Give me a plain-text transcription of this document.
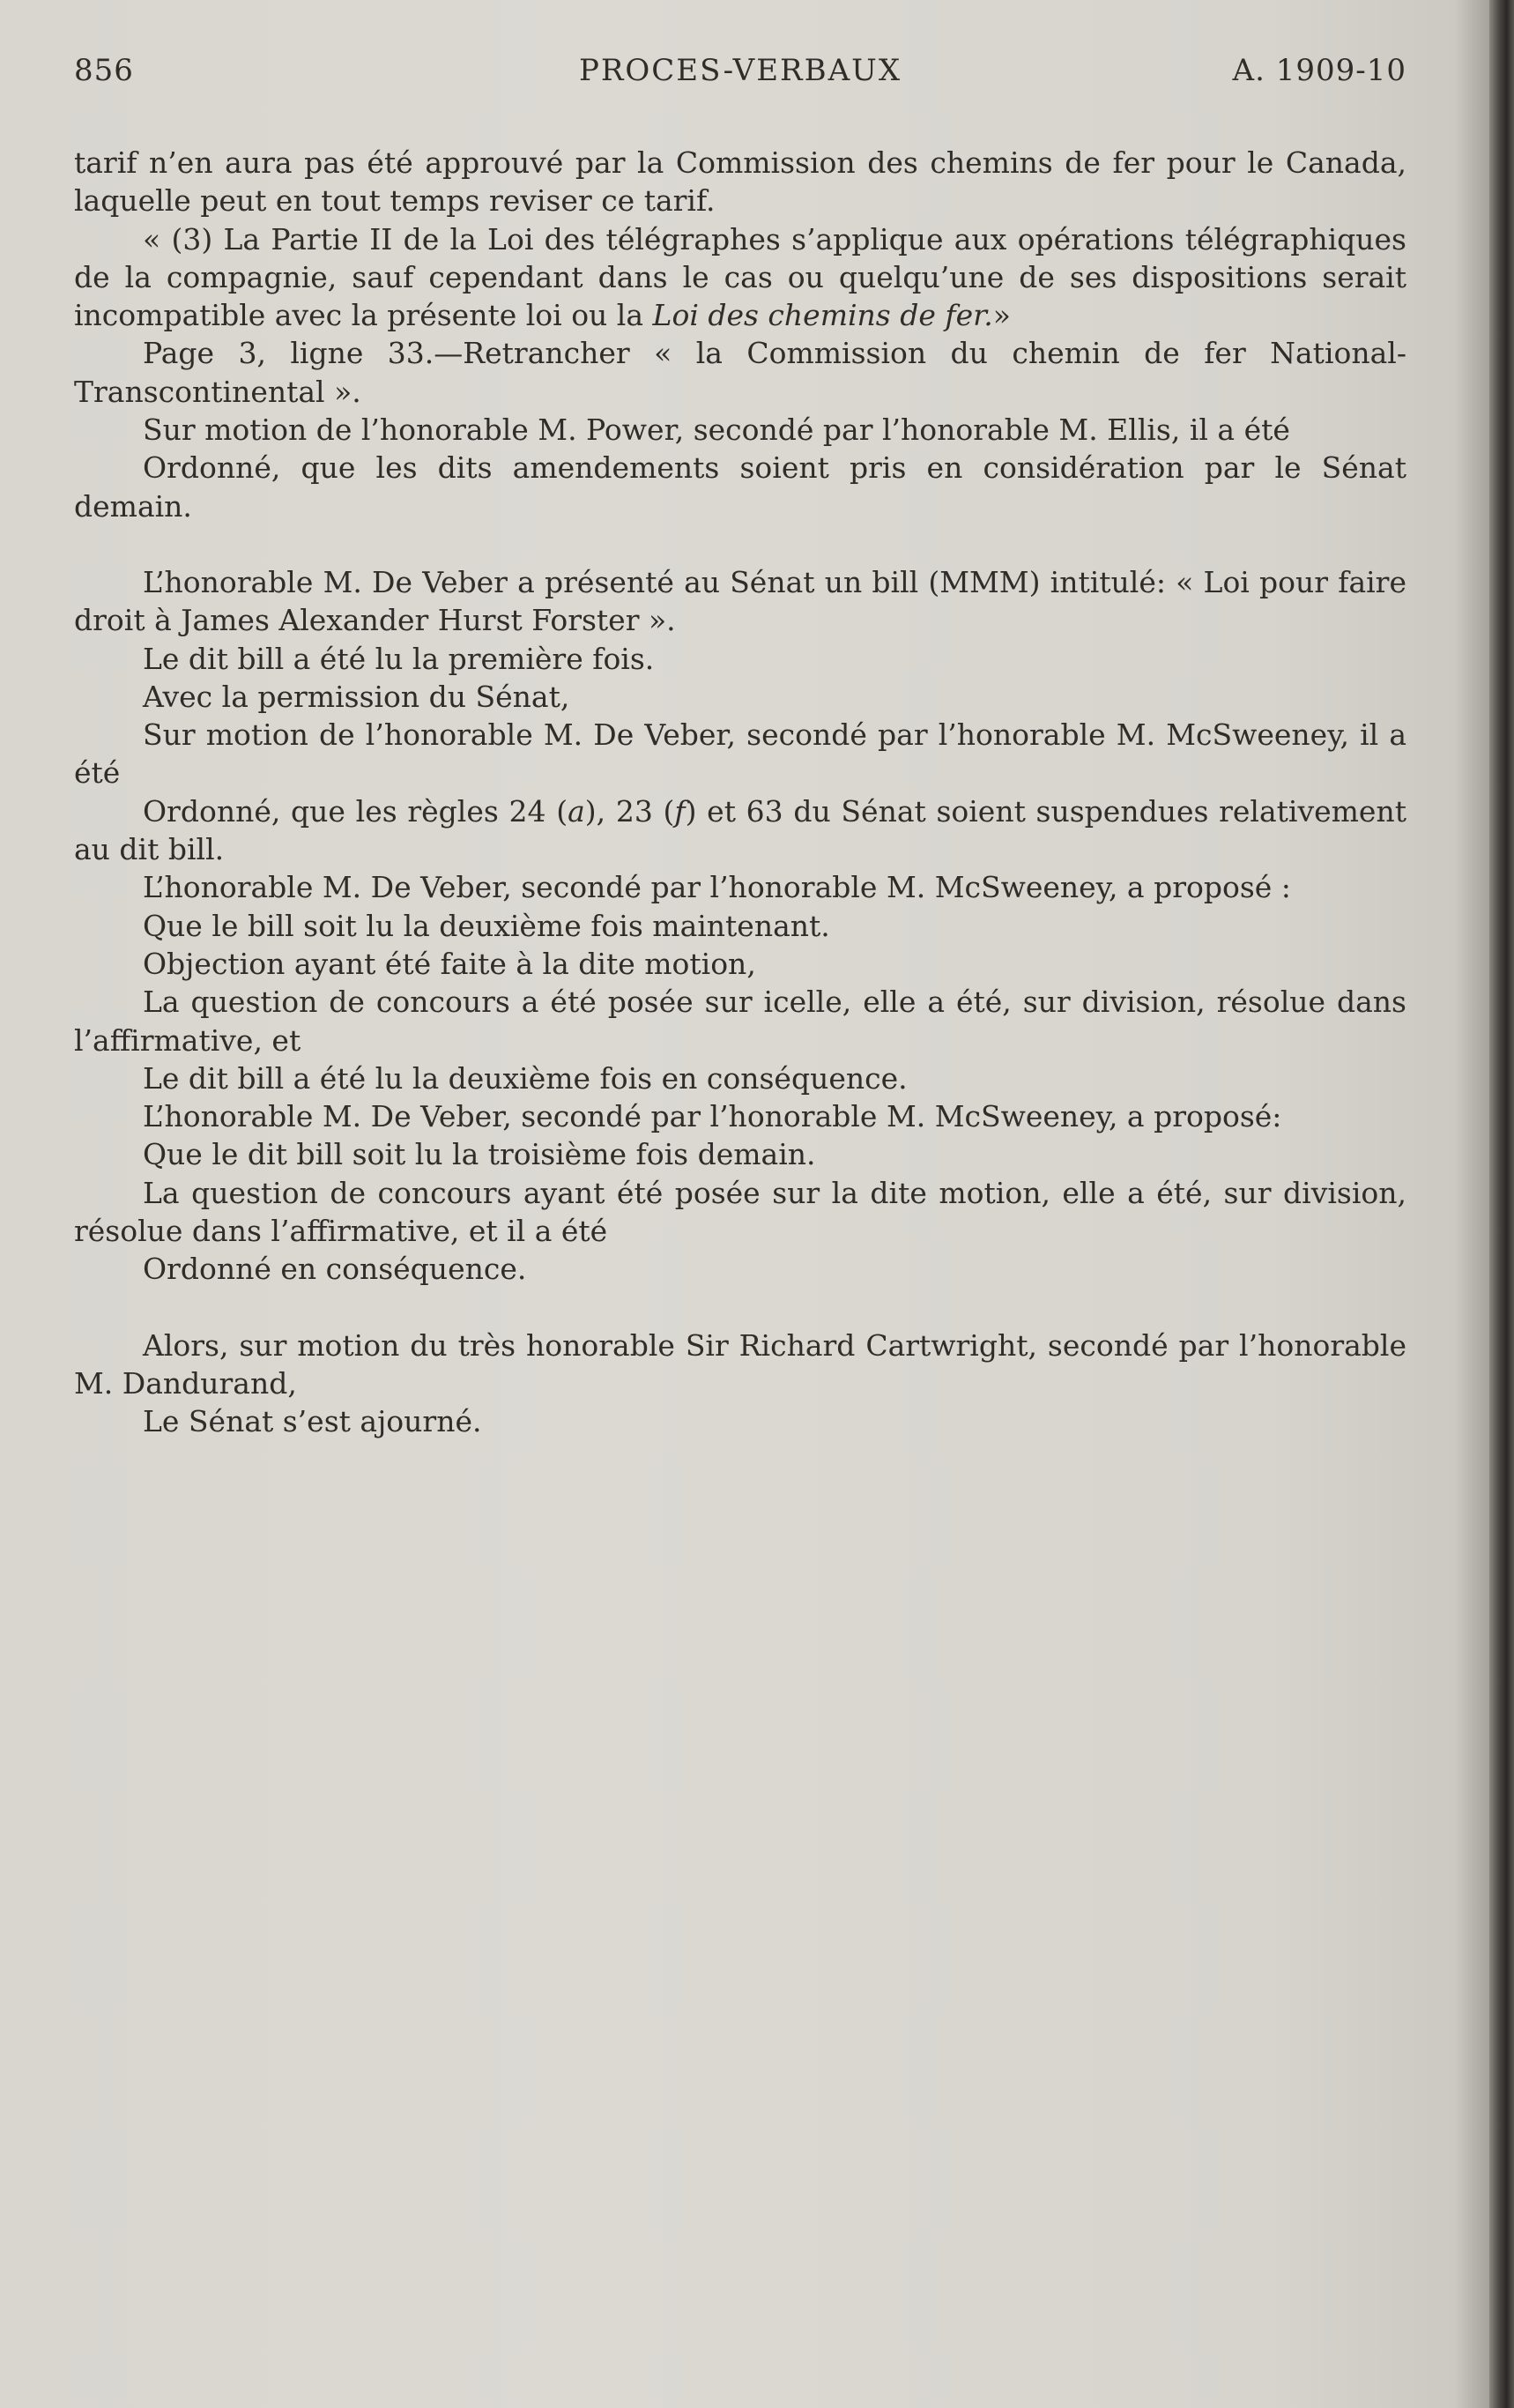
856	PROCES-VERBAUX	A. 1909-10

tarif n’en aura pas été approuvé par la Commission des chemins de fer pour le Canada, laquelle peut en tout temps reviser ce tarif.

« (3) La Partie II de la Loi des télégraphes s’applique aux opérations télégraphiques de la compagnie, sauf cependant dans le cas ou quelqu’une de ses dispositions serait incompatible avec la présente loi ou la Loi des chemins de fer.»

Page 3, ligne 33.—Retrancher « la Commission du chemin de fer National-Transcontinental ».

Sur motion de l’honorable M. Power, secondé par l’honorable M. Ellis, il a été

Ordonné, que les dits amendements soient pris en considération par le Sénat demain.

L’honorable M. De Veber a présenté au Sénat un bill (MMM) intitulé: « Loi pour faire droit à James Alexander Hurst Forster ».

Le dit bill a été lu la première fois.

Avec la permission du Sénat,

Sur motion de l’honorable M. De Veber, secondé par l’honorable M. McSweeney, il a été

Ordonné, que les règles 24 (a), 23 (f) et 63 du Sénat soient suspendues relativement au dit bill.

L’honorable M. De Veber, secondé par l’honorable M. McSweeney, a proposé :

Que le bill soit lu la deuxième fois maintenant.

Objection ayant été faite à la dite motion,

La question de concours a été posée sur icelle, elle a été, sur division, résolue dans l’affirmative, et

Le dit bill a été lu la deuxième fois en conséquence.

L’honorable M. De Veber, secondé par l’honorable M. McSweeney, a proposé:

Que le dit bill soit lu la troisième fois demain.

La question de concours ayant été posée sur la dite motion, elle a été, sur division, résolue dans l’affirmative, et il a été

Ordonné en conséquence.

Alors, sur motion du très honorable Sir Richard Cartwright, secondé par l’honorable M. Dandurand,

Le Sénat s’est ajourné.
